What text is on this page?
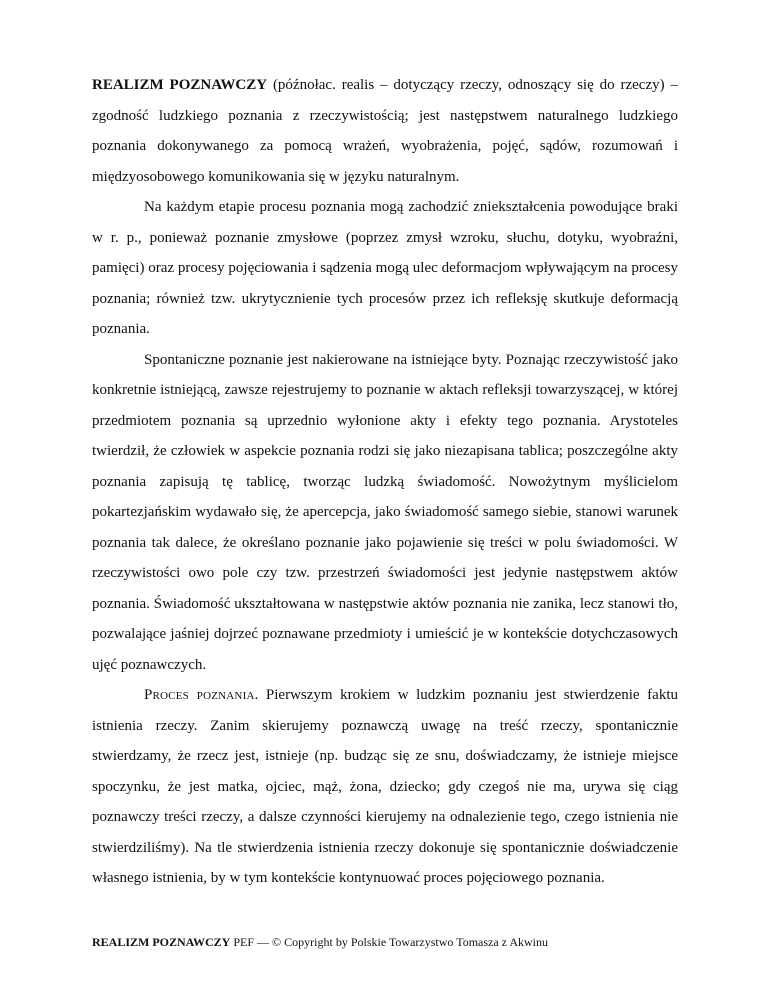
REALIZM POZNAWCZY (późnołac. realis – dotyczący rzeczy, odnoszący się do rzeczy) – zgodność ludzkiego poznania z rzeczywistością; jest następstwem naturalnego ludzkiego poznania dokonywanego za pomocą wrażeń, wyobrażenia, pojęć, sądów, rozumowań i międzyosobowego komunikowania się w języku naturalnym.

Na każdym etapie procesu poznania mogą zachodzić zniekształcenia powodujące braki w r. p., ponieważ poznanie zmysłowe (poprzez zmysł wzroku, słuchu, dotyku, wyobraźni, pamięci) oraz procesy pojęciowania i sądzenia mogą ulec deformacjom wpływającym na procesy poznania; również tzw. ukrytycznienie tych procesów przez ich refleksję skutkuje deformacją poznania.

Spontaniczne poznanie jest nakierowane na istniejące byty. Poznając rzeczywistość jako konkretnie istniejącą, zawsze rejestrujemy to poznanie w aktach refleksji towarzyszącej, w której przedmiotem poznania są uprzednio wyłonione akty i efekty tego poznania. Arystoteles twierdził, że człowiek w aspekcie poznania rodzi się jako niezapisana tablica; poszczególne akty poznania zapisują tę tablicę, tworząc ludzką świadomość. Nowożytnym myślicielom pokartezjańskim wydawało się, że apercepcja, jako świadomość samego siebie, stanowi warunek poznania tak dalece, że określano poznanie jako pojawienie się treści w polu świadomości. W rzeczywistości owo pole czy tzw. przestrzeń świadomości jest jedynie następstwem aktów poznania. Świadomość ukształtowana w następstwie aktów poznania nie zanika, lecz stanowi tło, pozwalające jaśniej dojrzeć poznawane przedmioty i umieścić je w kontekście dotychczasowych ujęć poznawczych.

Proces poznania. Pierwszym krokiem w ludzkim poznaniu jest stwierdzenie faktu istnienia rzeczy. Zanim skierujemy poznawczą uwagę na treść rzeczy, spontanicznie stwierdzamy, że rzecz jest, istnieje (np. budząc się ze snu, doświadczamy, że istnieje miejsce spoczynku, że jest matka, ojciec, mąż, żona, dziecko; gdy czegoś nie ma, urywa się ciąg poznawczy treści rzeczy, a dalsze czynności kierujemy na odnalezienie tego, czego istnienia nie stwierdziliśmy). Na tle stwierdzenia istnienia rzeczy dokonuje się spontanicznie doświadczenie własnego istnienia, by w tym kontekście kontynuować proces pojęciowego poznania.

REALIZM POZNAWCZY PEF — © Copyright by Polskie Towarzystwo Tomasza z Akwinu
